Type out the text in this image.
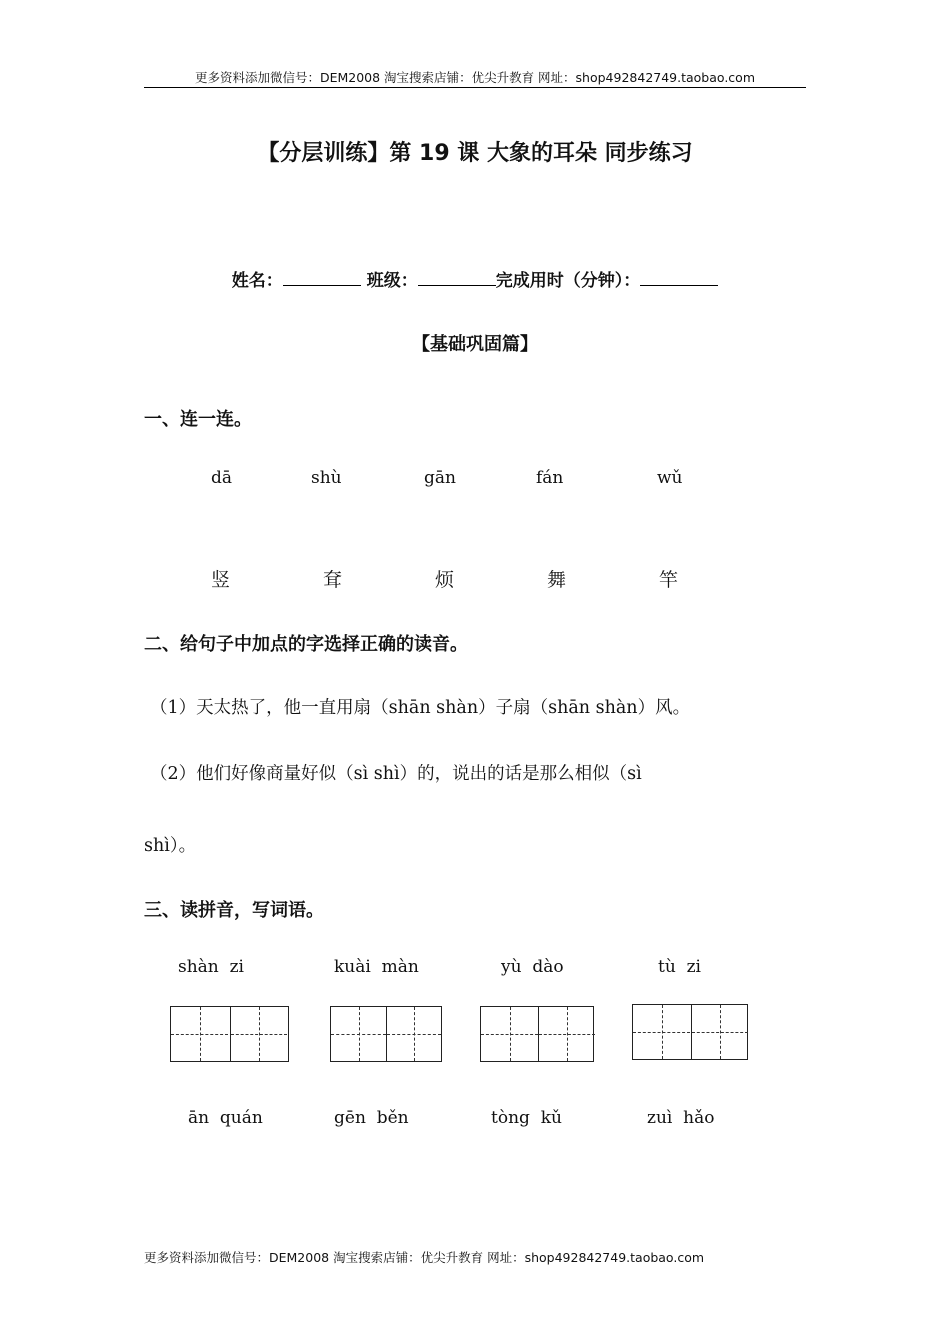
更多资料添加微信号：DEM2008 淘宝搜索店铺：优尖升教育 网址：shop492842749.taobao.com
【分层训练】第 19 课 大象的耳朵 同步练习
姓名：	班级：	完成用时（分钟）：
【基础巩固篇】
一、连一连。
dā	shù	gān	fán	wǔ
竖	耷	烦	舞	竿
二、给句子中加点的字选择正确的读音。
（1）天太热了，他一直用扇（shān shàn）子扇（shān shàn）风。
（2）他们好像商量好似（sì shì）的，说出的话是那么相似（sì
shì）。
三、读拼音，写词语。
shàn  zi	kuài  màn	yù  dào	tù  zi
ān  quán	gēn  běn	tòng  kǔ	zuì  hǎo
更多资料添加微信号：DEM2008 淘宝搜索店铺：优尖升教育 网址：shop492842749.taobao.com
